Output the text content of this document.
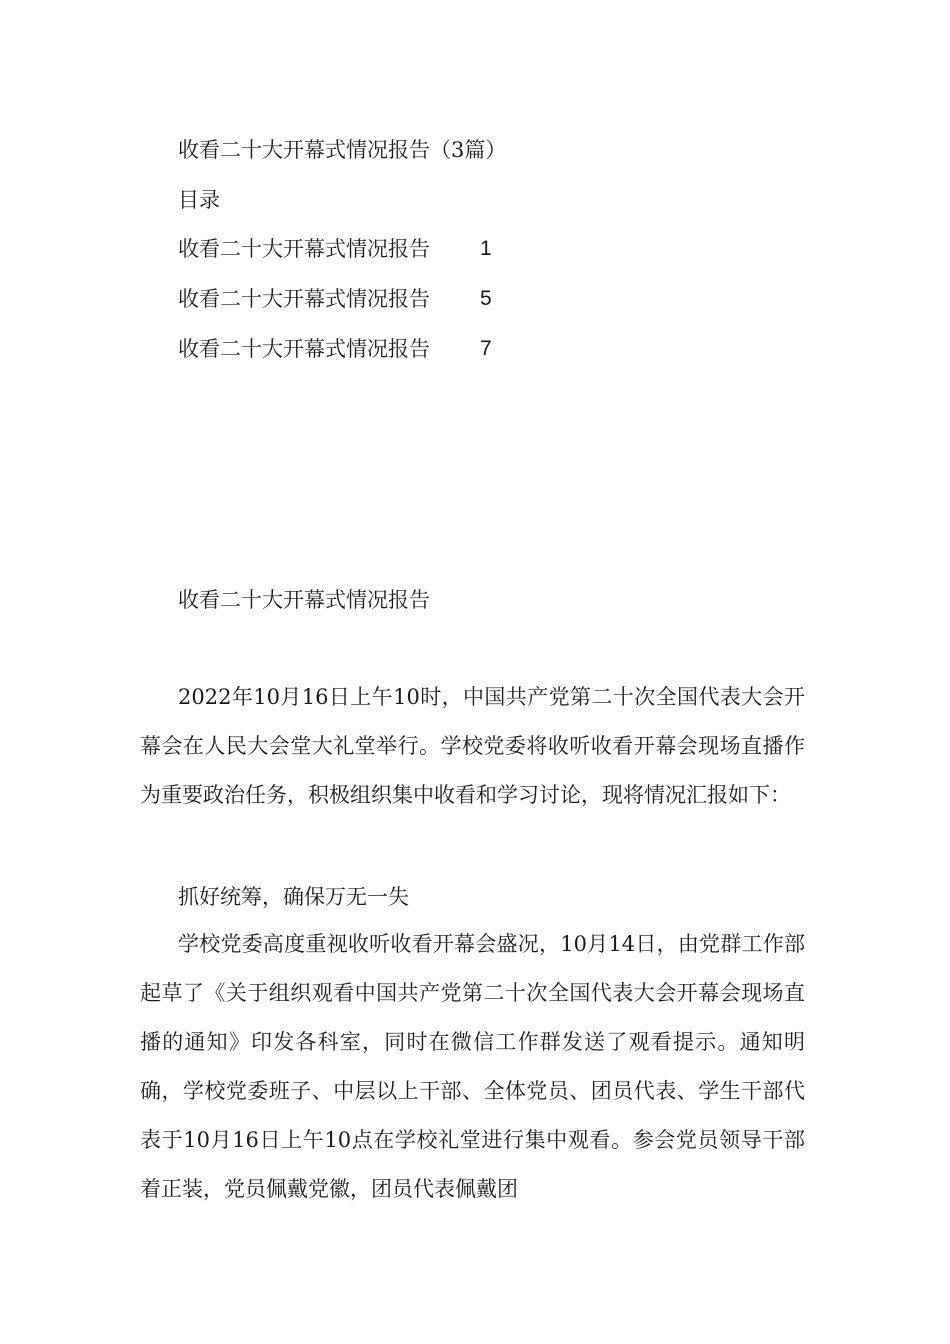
收看二十大开幕式情况报告（3篇）
目录
收看二十大开幕式情况报告 1
收看二十大开幕式情况报告 5
收看二十大开幕式情况报告 7
收看二十大开幕式情况报告

2022年10月16日上午10时，中国共产党第二十次全国代表大会开幕会在人民大会堂大礼堂举行。学校党委将收听收看开幕会现场直播作为重要政治任务，积极组织集中收看和学习讨论，现将情况汇报如下：

抓好统筹，确保万无一失

学校党委高度重视收听收看开幕会盛况，10月14日，由党群工作部起草了《关于组织观看中国共产党第二十次全国代表大会开幕会现场直播的通知》印发各科室，同时在微信工作群发送了观看提示。通知明确，学校党委班子、中层以上干部、全体党员、团员代表、学生干部代表于10月16日上午10点在学校礼堂进行集中观看。参会党员领导干部着正装，党员佩戴党徽，团员代表佩戴团
